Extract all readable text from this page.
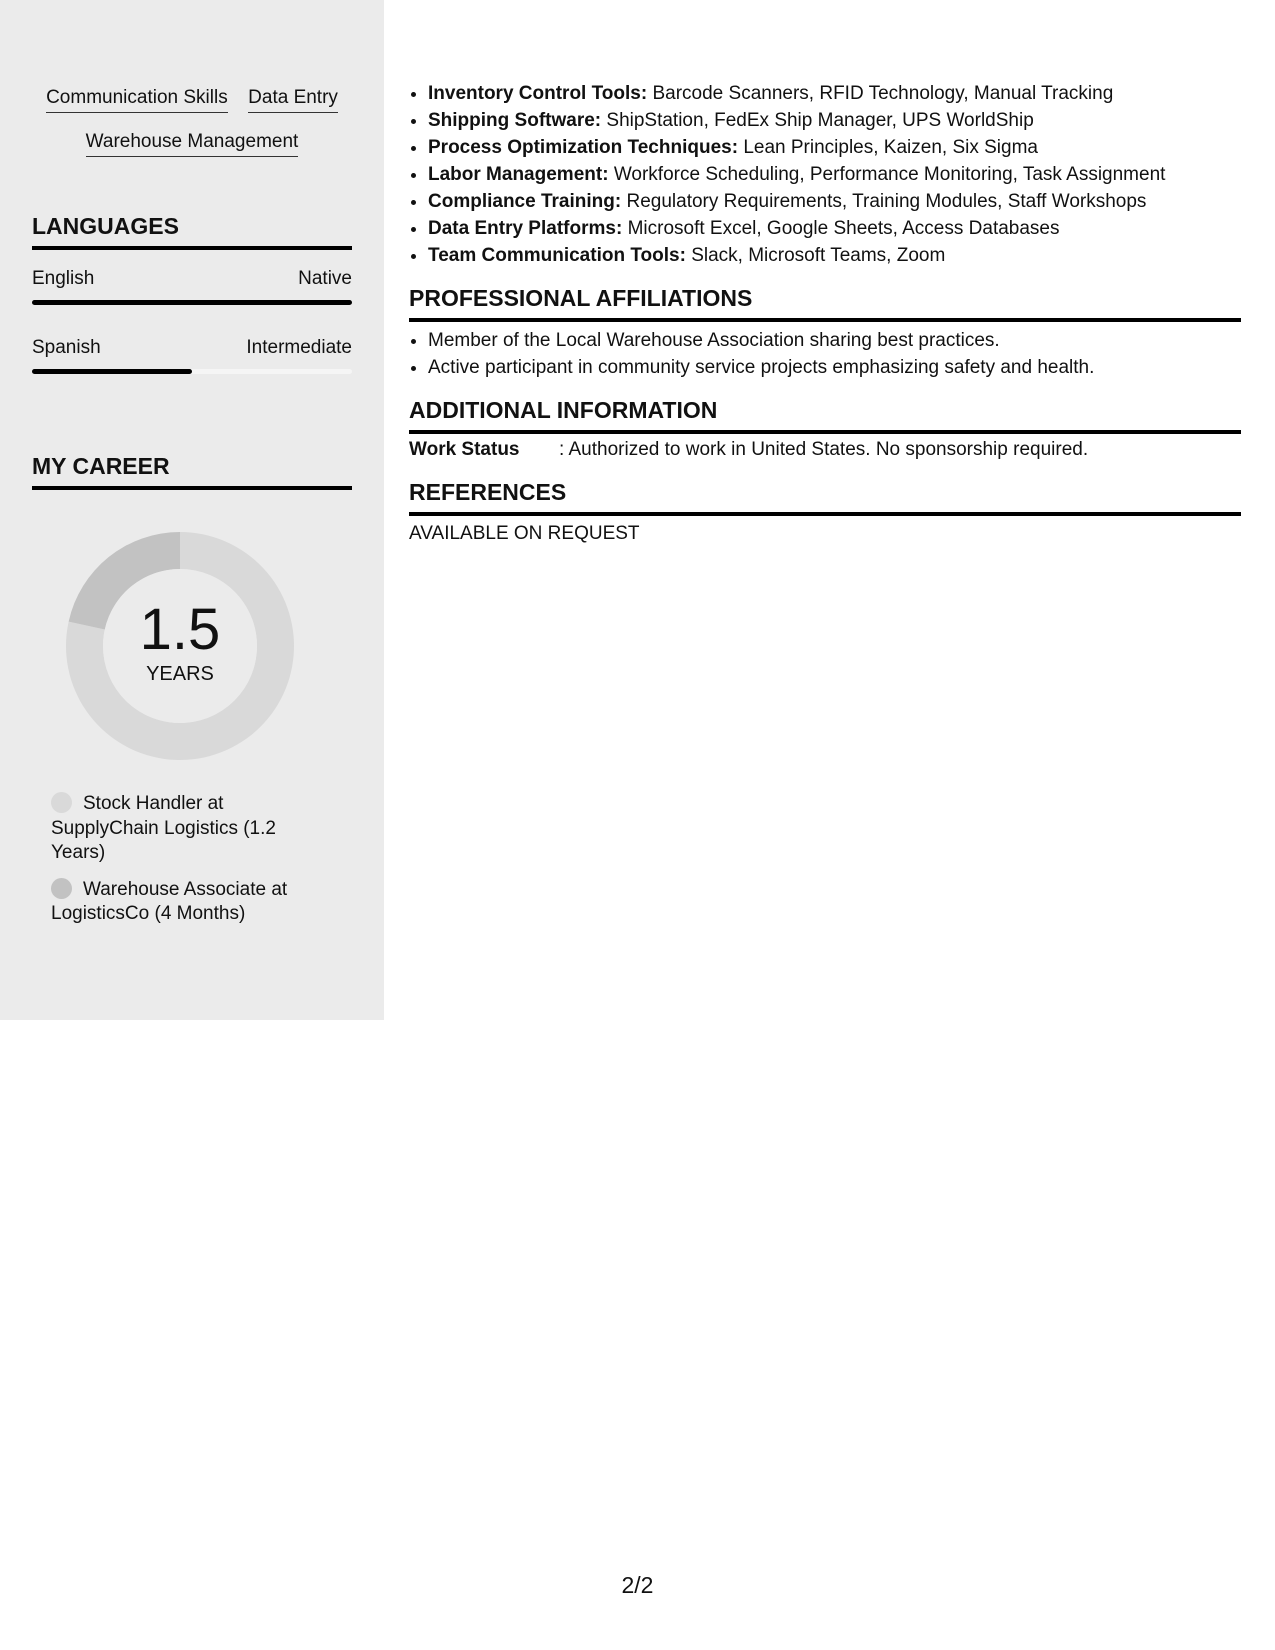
Communication Skills Data Entry Warehouse Management
LANGUAGES
English	Native
Spanish	Intermediate
MY CAREER
1.5
YEARS
Stock Handler at SupplyChain Logistics (1.2 Years)
Warehouse Associate at LogisticsCo (4 Months)
• Inventory Control Tools: Barcode Scanners, RFID Technology, Manual Tracking
• Shipping Software: ShipStation, FedEx Ship Manager, UPS WorldShip
• Process Optimization Techniques: Lean Principles, Kaizen, Six Sigma
• Labor Management: Workforce Scheduling, Performance Monitoring, Task Assignment
• Compliance Training: Regulatory Requirements, Training Modules, Staff Workshops
• Data Entry Platforms: Microsoft Excel, Google Sheets, Access Databases
• Team Communication Tools: Slack, Microsoft Teams, Zoom
PROFESSIONAL AFFILIATIONS
• Member of the Local Warehouse Association sharing best practices.
• Active participant in community service projects emphasizing safety and health.
ADDITIONAL INFORMATION
Work Status	: Authorized to work in United States. No sponsorship required.
REFERENCES
AVAILABLE ON REQUEST
2/2
